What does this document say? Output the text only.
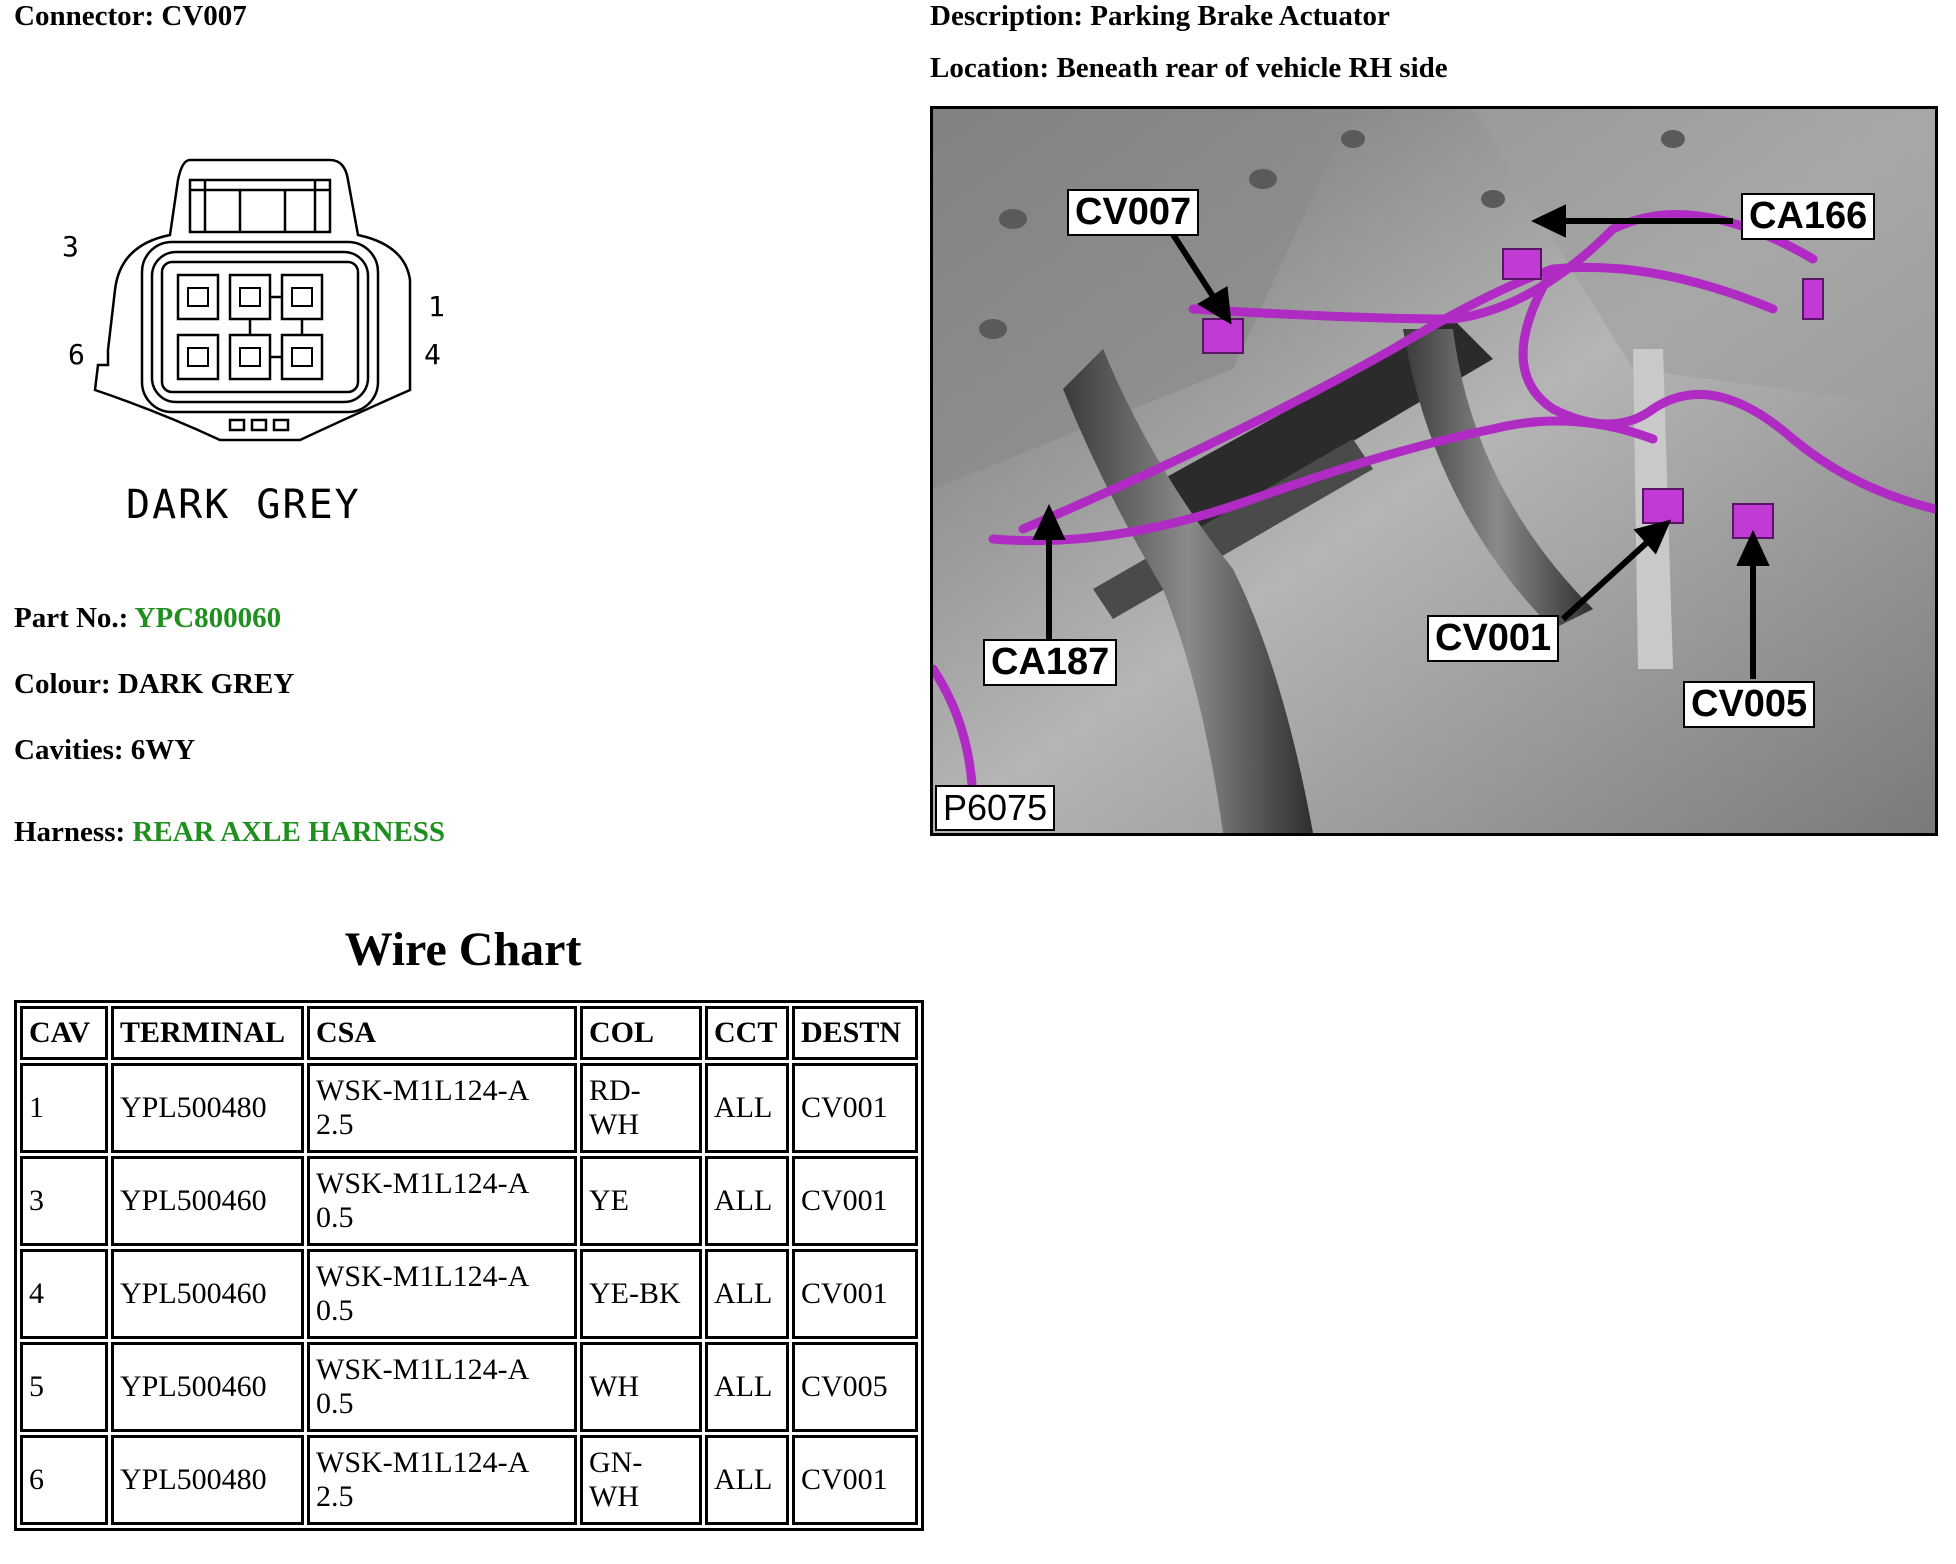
Connector: CV007	Description: Parking Brake Actuator
Location: Beneath rear of vehicle RH side
3
6
1
4
DARK GREY
Part No.: YPC800060
Colour: DARK GREY
Cavities: 6WY
Harness: REAR AXLE HARNESS
CV007	CA166
CA187
CV001
CV005
P6075
Wire Chart
CAV	TERMINAL	CSA	COL	CCT	DESTN
1	YPL500480	WSK-M1L124-A
2.5	RD-
WH	ALL	CV001
3	YPL500460	WSK-M1L124-A
0.5	YE	ALL	CV001
4	YPL500460	WSK-M1L124-A
0.5	YE-BK	ALL	CV001
5	YPL500460	WSK-M1L124-A
0.5	WH	ALL	CV005
6	YPL500480	WSK-M1L124-A
2.5	GN-
WH	ALL	CV001
